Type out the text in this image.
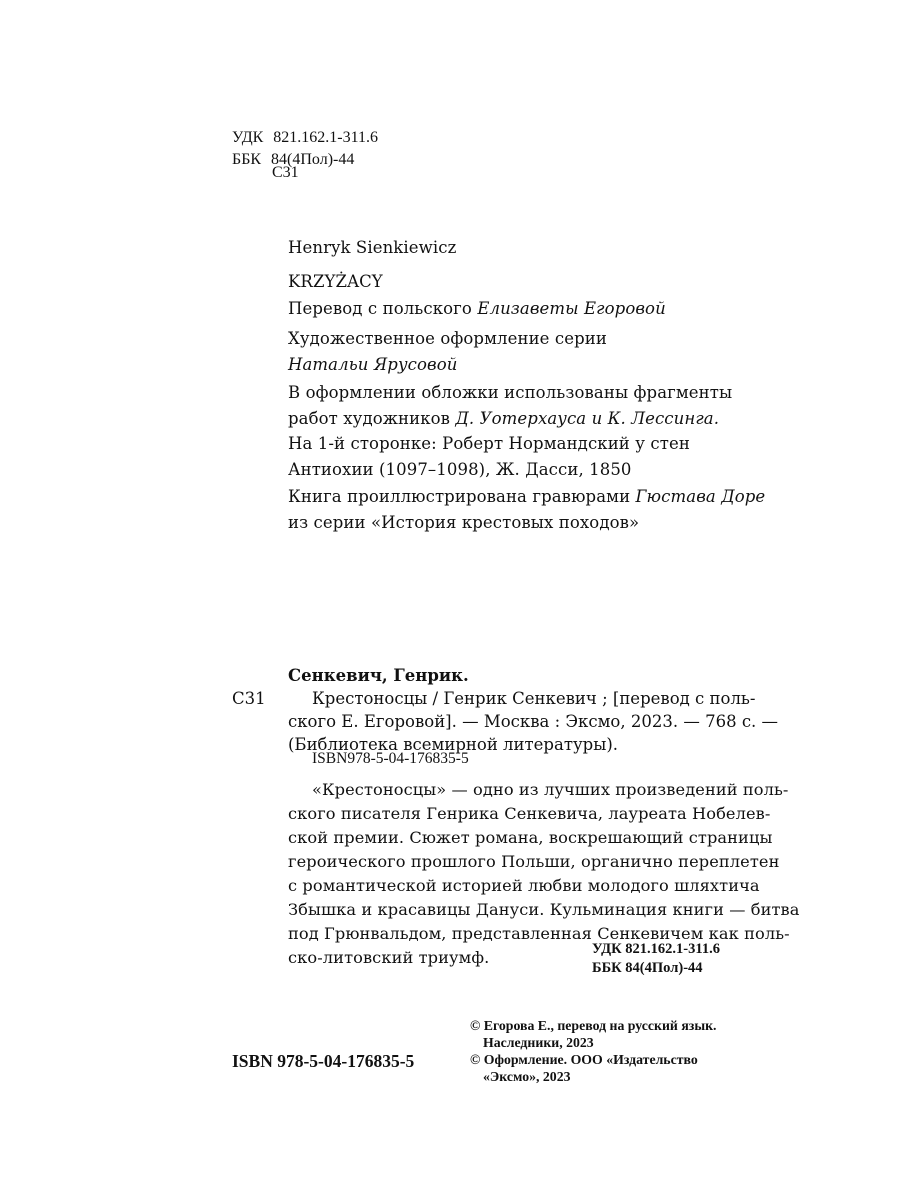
УДК 821.162.1-311.6
ББК 84(4Пол)-44
С31
Henryk Sienkiewicz
KRZYŻACY
Перевод с польского Елизаветы Егоровой
Художественное оформление серии
Натальи Ярусовой
В оформлении обложки использованы фрагменты
работ художников Д. Уотерхауса и К. Лессинга.
На 1-й сторонке: Роберт Нормандский у стен
Антиохии (1097–1098), Ж. Дасси, 1850
Книга проиллюстрирована гравюрами Гюстава Доре
из серии «История крестовых походов»
Сенкевич, Генрик.
С31	Крестоносцы / Генрик Сенкевич ; [перевод с поль-
ского Е. Егоровой]. — Москва : Эксмо, 2023. — 768 с. —
(Библиотека всемирной литературы).
ISBN978-5-04-176835-5
«Крестоносцы» — одно из лучших произведений поль-
ского писателя Генрика Сенкевича, лауреата Нобелев-
ской премии. Сюжет романа, воскрешающий страницы
героического прошлого Польши, органично переплетен
с романтической историей любви молодого шляхтича
Збышка и красавицы Дануси. Кульминация книги — битва
под Грюнвальдом, представленная Сенкевичем как поль-
ско-литовский триумф.	УДК 821.162.1-311.6
ББК 84(4Пол)-44
ISBN 978-5-04-176835-5
© Егорова Е., перевод на русский язык.
Наследники, 2023
© Оформление. ООО «Издательство
«Эксмо», 2023
